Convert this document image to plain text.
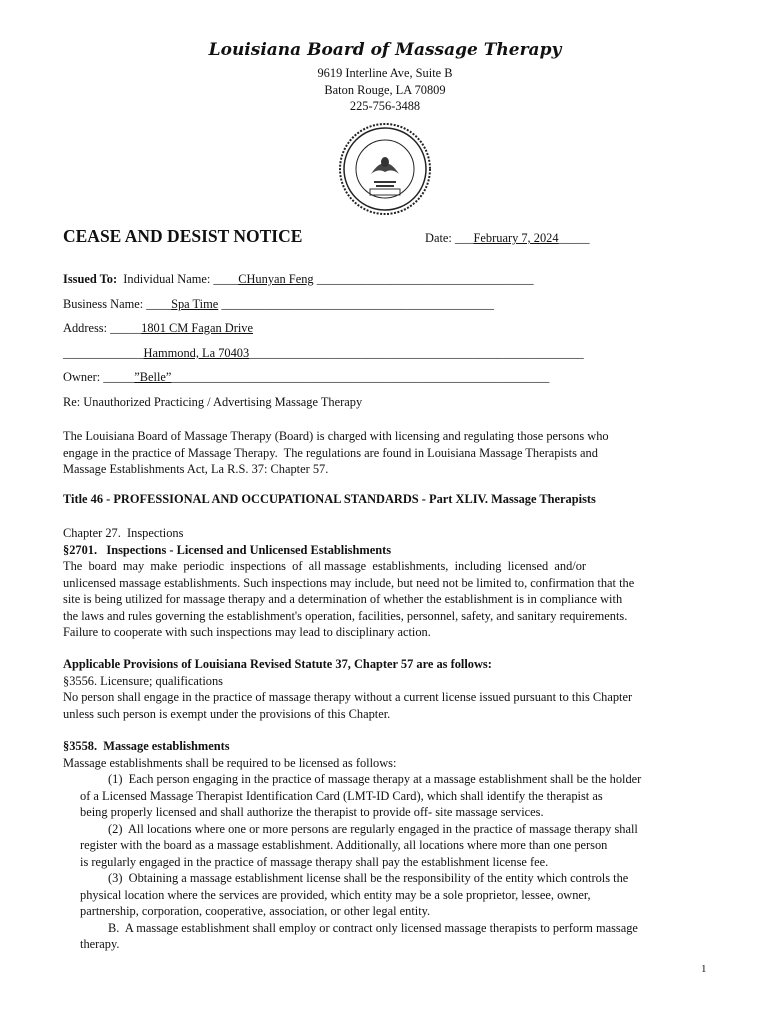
Louisiana Board of Massage Therapy
9619 Interline Ave, Suite B
Baton Rouge, LA 70809
225-756-3488
CEASE AND DESIST NOTICE	Date: ___February 7, 2024_____
Issued To:  Individual Name: ____CHunyan Feng ___________________________________
Business Name: ____Spa Time ____________________________________________
Address: _____1801 CM Fagan Drive
_____________Hammond, La 70403______________________________________________________
Owner: _____”Belle”_____________________________________________________________
Re: Unauthorized Practicing / Advertising Massage Therapy
The Louisiana Board of Massage Therapy (Board) is charged with licensing and regulating those persons who
engage in the practice of Massage Therapy.  The regulations are found in Louisiana Massage Therapists and
Massage Establishments Act, La R.S. 37: Chapter 57.
Title 46 - PROFESSIONAL AND OCCUPATIONAL STANDARDS - Part XLIV. Massage Therapists
Chapter 27.  Inspections
§2701.   Inspections - Licensed and Unlicensed Establishments
The  board  may  make  periodic  inspections  of  all massage  establishments,  including  licensed  and/or
unlicensed massage establishments. Such inspections may include, but need not be limited to, confirmation that the
site is being utilized for massage therapy and a determination of whether the establishment is in compliance with
the laws and rules governing the establishment's operation, facilities, personnel, safety, and sanitary requirements.
Failure to cooperate with such inspections may lead to disciplinary action.
Applicable Provisions of Louisiana Revised Statute 37, Chapter 57 are as follows:
§3556. Licensure; qualifications
No person shall engage in the practice of massage therapy without a current license issued pursuant to this Chapter
unless such person is exempt under the provisions of this Chapter.
§3558.  Massage establishments
Massage establishments shall be required to be licensed as follows:
(1)  Each person engaging in the practice of massage therapy at a massage establishment shall be the holder
of a Licensed Massage Therapist Identification Card (LMT-ID Card), which shall identify the therapist as
being properly licensed and shall authorize the therapist to provide off- site massage services.
(2)  All locations where one or more persons are regularly engaged in the practice of massage therapy shall
register with the board as a massage establishment. Additionally, all locations where more than one person
is regularly engaged in the practice of massage therapy shall pay the establishment license fee.
(3)  Obtaining a massage establishment license shall be the responsibility of the entity which controls the
physical location where the services are provided, which entity may be a sole proprietor, lessee, owner,
partnership, corporation, cooperative, association, or other legal entity.
B.  A massage establishment shall employ or contract only licensed massage therapists to perform massage
therapy.
1
